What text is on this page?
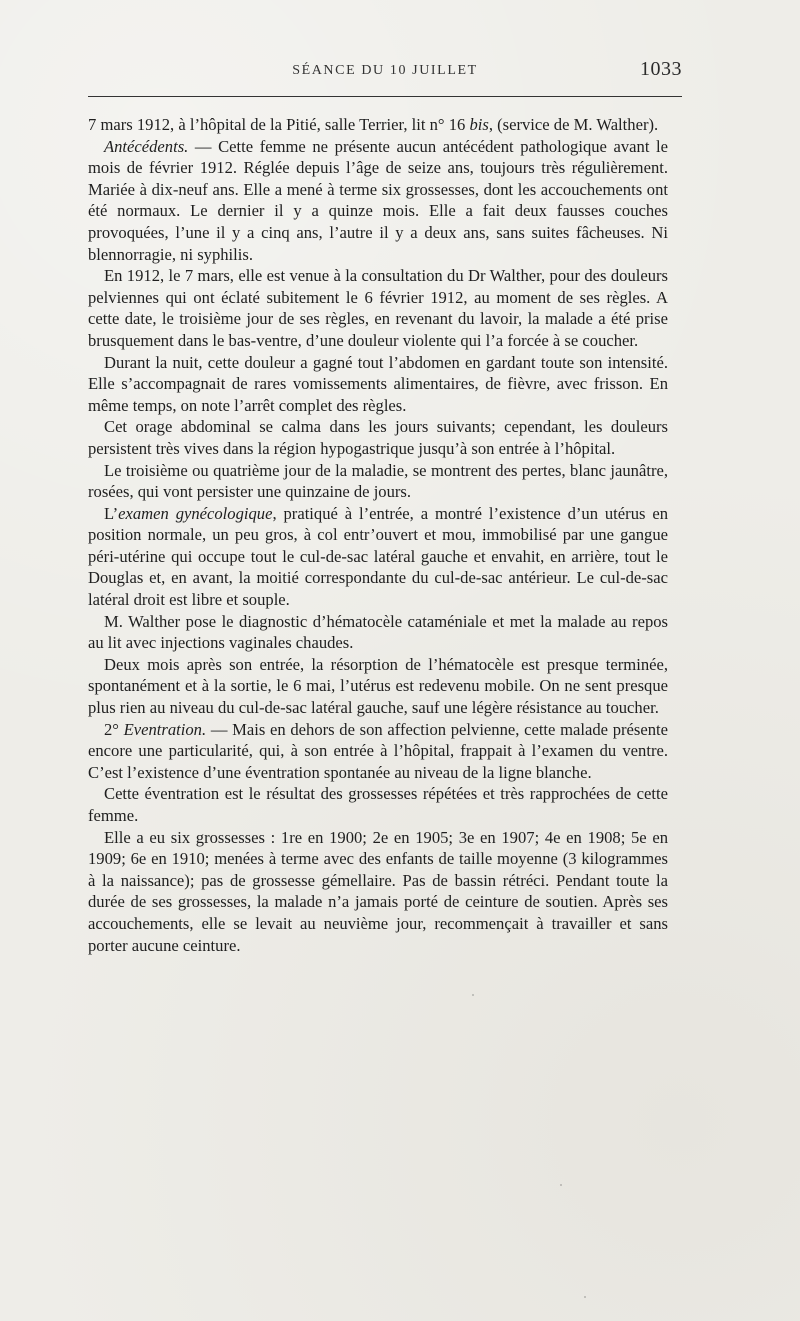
SÉANCE DU 10 JUILLET	1033

7 mars 1912, à l’hôpital de la Pitié, salle Terrier, lit n° 16 bis, (service de M. Walther).

Antécédents. — Cette femme ne présente aucun antécédent pathologique avant le mois de février 1912. Réglée depuis l’âge de seize ans, toujours très régulièrement. Mariée à dix-neuf ans. Elle a mené à terme six grossesses, dont les accouchements ont été normaux. Le dernier il y a quinze mois. Elle a fait deux fausses couches provoquées, l’une il y a cinq ans, l’autre il y a deux ans, sans suites fâcheuses. Ni blennorragie, ni syphilis.

En 1912, le 7 mars, elle est venue à la consultation du Dr Walther, pour des douleurs pelviennes qui ont éclaté subitement le 6 février 1912, au moment de ses règles. A cette date, le troisième jour de ses règles, en revenant du lavoir, la malade a été prise brusquement dans le bas-ventre, d’une douleur violente qui l’a forcée à se coucher.

Durant la nuit, cette douleur a gagné tout l’abdomen en gardant toute son intensité. Elle s’accompagnait de rares vomissements alimentaires, de fièvre, avec frisson. En même temps, on note l’arrêt complet des règles.

Cet orage abdominal se calma dans les jours suivants; cependant, les douleurs persistent très vives dans la région hypogastrique jusqu’à son entrée à l’hôpital.

Le troisième ou quatrième jour de la maladie, se montrent des pertes, blanc jaunâtre, rosées, qui vont persister une quinzaine de jours.

L’examen gynécologique, pratiqué à l’entrée, a montré l’existence d’un utérus en position normale, un peu gros, à col entr’ouvert et mou, immobilisé par une gangue péri-utérine qui occupe tout le cul-de-sac latéral gauche et envahit, en arrière, tout le Douglas et, en avant, la moitié correspondante du cul-de-sac antérieur. Le cul-de-sac latéral droit est libre et souple.

M. Walther pose le diagnostic d’hématocèle cataméniale et met la malade au repos au lit avec injections vaginales chaudes.

Deux mois après son entrée, la résorption de l’hématocèle est presque terminée, spontanément et à la sortie, le 6 mai, l’utérus est redevenu mobile. On ne sent presque plus rien au niveau du cul-de-sac latéral gauche, sauf une légère résistance au toucher.

2° Eventration. — Mais en dehors de son affection pelvienne, cette malade présente encore une particularité, qui, à son entrée à l’hôpital, frappait à l’examen du ventre. C’est l’existence d’une éventration spontanée au niveau de la ligne blanche.

Cette éventration est le résultat des grossesses répétées et très rapprochées de cette femme.

Elle a eu six grossesses : 1re en 1900; 2e en 1905; 3e en 1907; 4e en 1908; 5e en 1909; 6e en 1910; menées à terme avec des enfants de taille moyenne (3 kilogrammes à la naissance); pas de grossesse gémellaire. Pas de bassin rétréci. Pendant toute la durée de ses grossesses, la malade n’a jamais porté de ceinture de soutien. Après ses accouchements, elle se levait au neuvième jour, recommençait à travailler et sans porter aucune ceinture.
